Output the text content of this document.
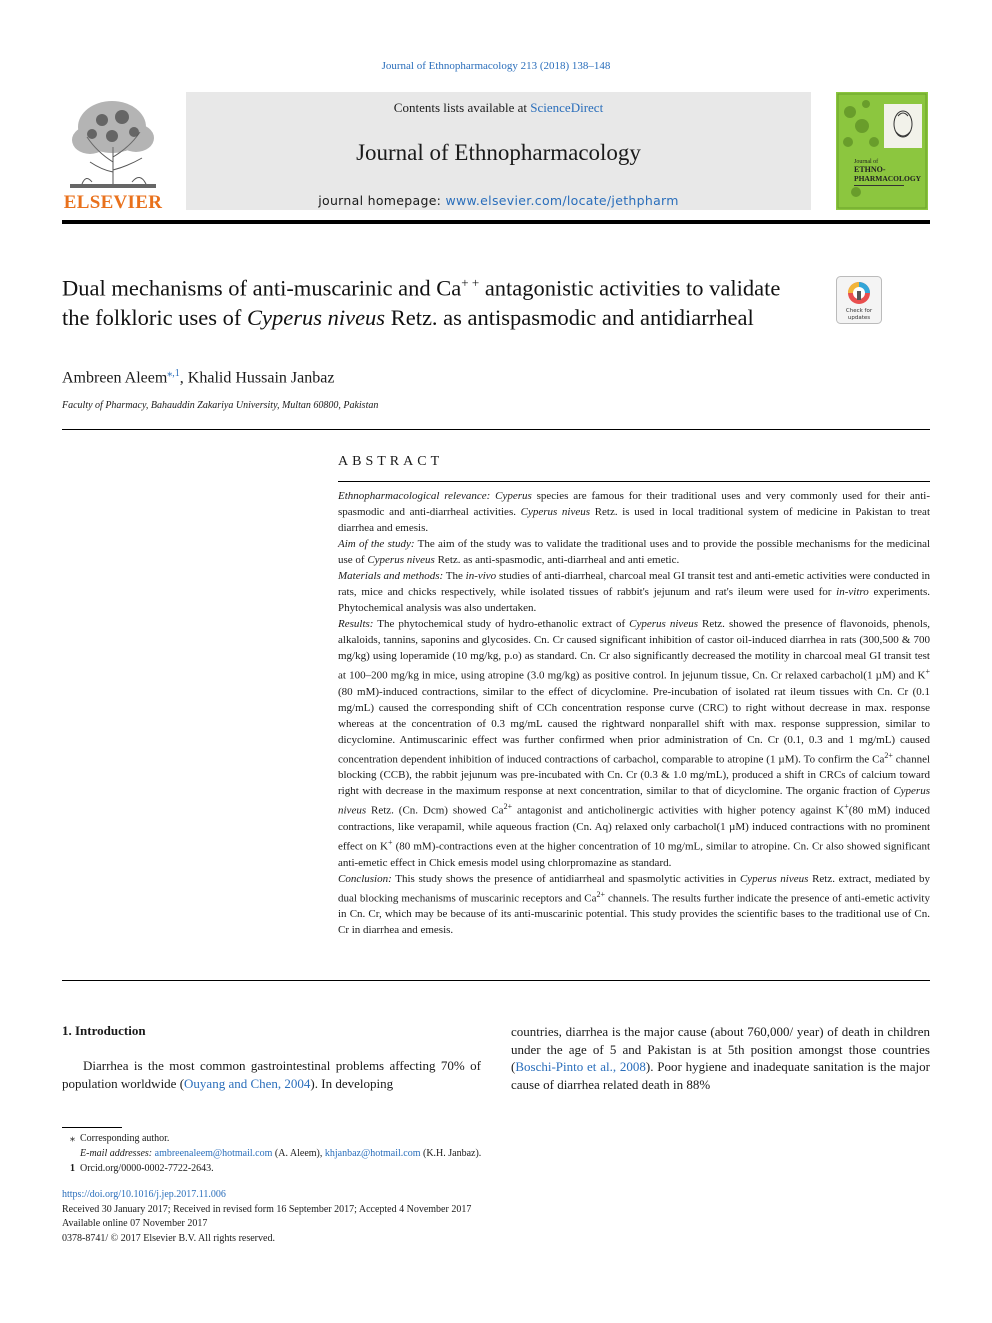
Journal of Ethnopharmacology 213 (2018) 138–148
ELSEVIER
Contents lists available at ScienceDirect
Journal of Ethnopharmacology
journal homepage: www.elsevier.com/locate/jethpharm
Journal of
ETHNO-
PHARMACOLOGY
Dual mechanisms of anti-muscarinic and Ca+ + antagonistic activities to validate the folkloric uses of Cyperus niveus Retz. as antispasmodic and antidiarrheal	Check for
updates
Ambreen Aleem$^{⁎,1}$, Khalid Hussain Janbaz
Faculty of Pharmacy, Bahauddin Zakariya University, Multan 60800, Pakistan
ABSTRACT

Ethnopharmacological relevance: Cyperus species are famous for their traditional uses and very commonly used for their anti-spasmodic and anti-diarrheal activities. Cyperus niveus Retz. is used in local traditional system of medicine in Pakistan to treat diarrhea and emesis.

Aim of the study: The aim of the study was to validate the traditional uses and to provide the possible mechanisms for the medicinal use of Cyperus niveus Retz. as anti-spasmodic, anti-diarrheal and anti emetic.

Materials and methods: The in-vivo studies of anti-diarrheal, charcoal meal GI transit test and anti-emetic activities were conducted in rats, mice and chicks respectively, while isolated tissues of rabbit's jejunum and rat's ileum were used for in-vitro experiments. Phytochemical analysis was also undertaken.

Results: The phytochemical study of hydro-ethanolic extract of Cyperus niveus Retz. showed the presence of flavonoids, phenols, alkaloids, tannins, saponins and glycosides. Cn. Cr caused significant inhibition of castor oil-induced diarrhea in rats (300,500 & 700 mg/kg) using loperamide (10 mg/kg, p.o) as standard. Cn. Cr also significantly decreased the motility in charcoal meal GI transit test at 100–200 mg/kg in mice, using atropine (3.0 mg/kg) as positive control. In jejunum tissue, Cn. Cr relaxed carbachol(1 µM) and K+(80 mM)-induced contractions, similar to the effect of dicyclomine. Pre-incubation of isolated rat ileum tissues with Cn. Cr (0.1 mg/mL) caused the corresponding shift of CCh concentration response curve (CRC) to right without decrease in max. response whereas at the concentration of 0.3 mg/mL caused the rightward nonparallel shift with max. response suppression, similar to dicyclomine. Antimuscarinic effect was further confirmed when prior administration of Cn. Cr (0.1, 0.3 and 1 mg/mL) caused concentration dependent inhibition of induced contractions of carbachol, comparable to atropine (1 µM). To confirm the $Ca^{2+}$ channel blocking (CCB), the rabbit jejunum was pre-incubated with Cn. Cr (0.3 & 1.0 mg/mL), produced a shift in CRCs of calcium toward right with decrease in the maximum response at next concentration, similar to that of dicyclomine. The organic fraction of Cyperus niveus Retz. (Cn. Dcm) showed $Ca^{2+}$ antagonist and anticholinergic activities with higher potency against K+(80 mM) induced contractions, like verapamil, while aqueous fraction (Cn. Aq) relaxed only carbachol(1 µM) induced contractions with no prominent effect on K+ (80 mM)-contractions even at the higher concentration of 10 mg/mL, similar to atropine. Cn. Cr also showed significant anti-emetic effect in Chick emesis model using chlorpromazine as standard.

Conclusion: This study shows the presence of antidiarrheal and spasmolytic activities in Cyperus niveus Retz. extract, mediated by dual blocking mechanisms of muscarinic receptors and $Ca^{2+}$ channels. The results further indicate the presence of anti-emetic activity in Cn. Cr, which may be because of its anti-muscarinic potential. This study provides the scientific bases to the traditional use of Cn. Cr in diarrhea and emesis.

1. Introduction

Diarrhea is the most common gastrointestinal problems affecting 70% of population worldwide (Ouyang and Chen, 2004). In developing

countries, diarrhea is the major cause (about 760,000/ year) of death in children under the age of 5 and Pakistan is at 5th position amongst those countries (Boschi-Pinto et al., 2008). Poor hygiene and inadequate sanitation is the major cause of diarrhea related death in 88%

⁎ Corresponding author.
E-mail addresses: ambreenaleem@hotmail.com (A. Aleem), khjanbaz@hotmail.com (K.H. Janbaz).
1 Orcid.org/0000-0002-7722-2643.
https://doi.org/10.1016/j.jep.2017.11.006
Received 30 January 2017; Received in revised form 16 September 2017; Accepted 4 November 2017
Available online 07 November 2017
0378-8741/ © 2017 Elsevier B.V. All rights reserved.
